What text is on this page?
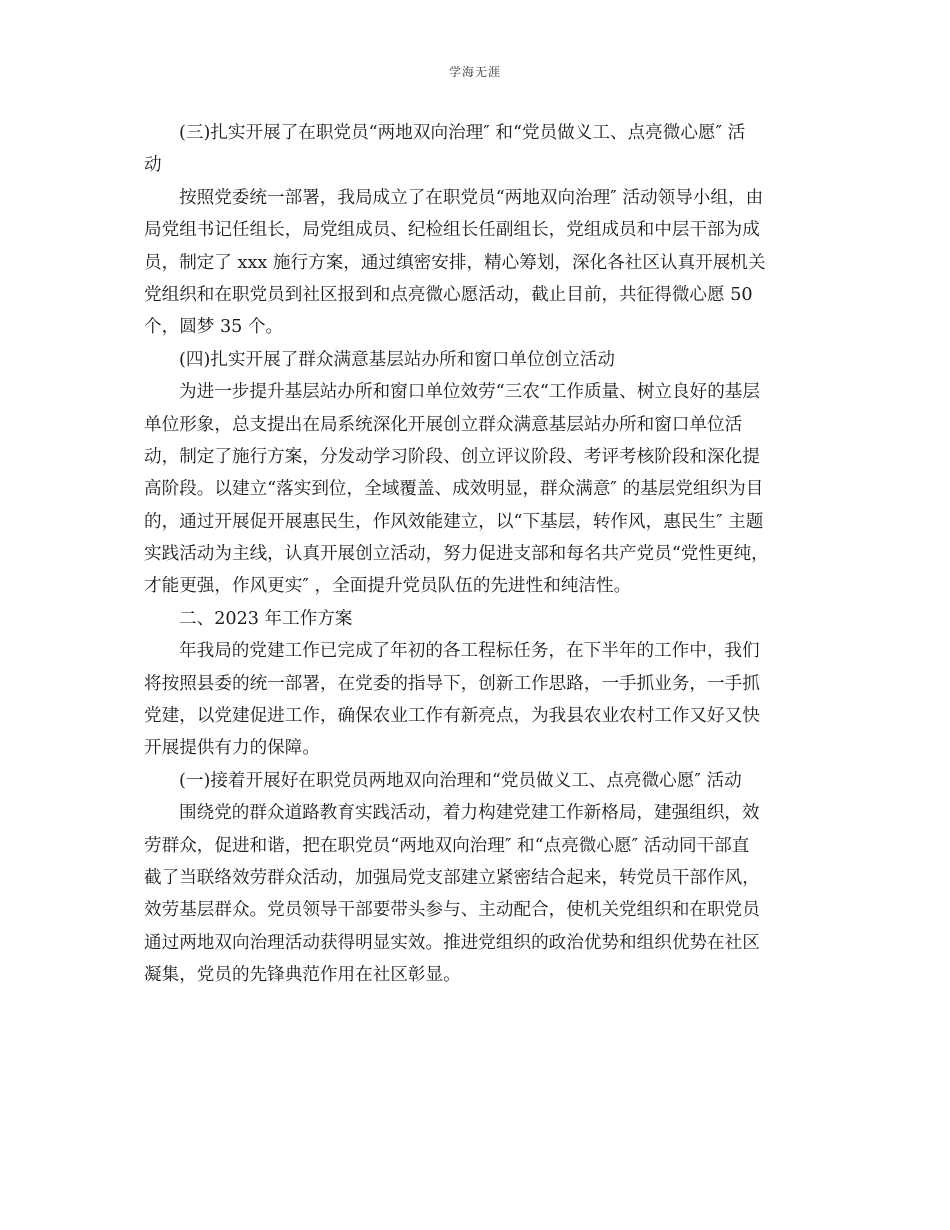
学海无涯
(三)扎实开展了在职党员“两地双向治理″ 和“党员做义工、点亮微心愿″ 活
动
按照党委统一部署，我局成立了在职党员“两地双向治理″ 活动领导小组，由
局党组书记任组长，局党组成员、纪检组长任副组长，党组成员和中层干部为成
员，制定了 xxx 施行方案，通过缜密安排，精心筹划，深化各社区认真开展机关
党组织和在职党员到社区报到和点亮微心愿活动，截止目前，共征得微心愿 50
个，圆梦 35 个。
(四)扎实开展了群众满意基层站办所和窗口单位创立活动
为进一步提升基层站办所和窗口单位效劳“三农“工作质量、树立良好的基层
单位形象，总支提出在局系统深化开展创立群众满意基层站办所和窗口单位活
动，制定了施行方案，分发动学习阶段、创立评议阶段、考评考核阶段和深化提
高阶段。以建立“落实到位，全域覆盖、成效明显，群众满意″ 的基层党组织为目
的，通过开展促开展惠民生，作风效能建立，以“下基层，转作风，惠民生″ 主题
实践活动为主线，认真开展创立活动，努力促进支部和每名共产党员“党性更纯，
才能更强，作风更实″ ，全面提升党员队伍的先进性和纯洁性。
二、2023 年工作方案
年我局的党建工作已完成了年初的各工程标任务，在下半年的工作中，我们
将按照县委的统一部署，在党委的指导下，创新工作思路，一手抓业务，一手抓
党建，以党建促进工作，确保农业工作有新亮点，为我县农业农村工作又好又快
开展提供有力的保障。
(一)接着开展好在职党员两地双向治理和“党员做义工、点亮微心愿″ 活动
围绕党的群众道路教育实践活动，着力构建党建工作新格局，建强组织，效
劳群众，促进和谐，把在职党员“两地双向治理″ 和“点亮微心愿″ 活动同干部直
截了当联络效劳群众活动，加强局党支部建立紧密结合起来，转党员干部作风，
效劳基层群众。党员领导干部要带头参与、主动配合，使机关党组织和在职党员
通过两地双向治理活动获得明显实效。推进党组织的政治优势和组织优势在社区
凝集，党员的先锋典范作用在社区彰显。
